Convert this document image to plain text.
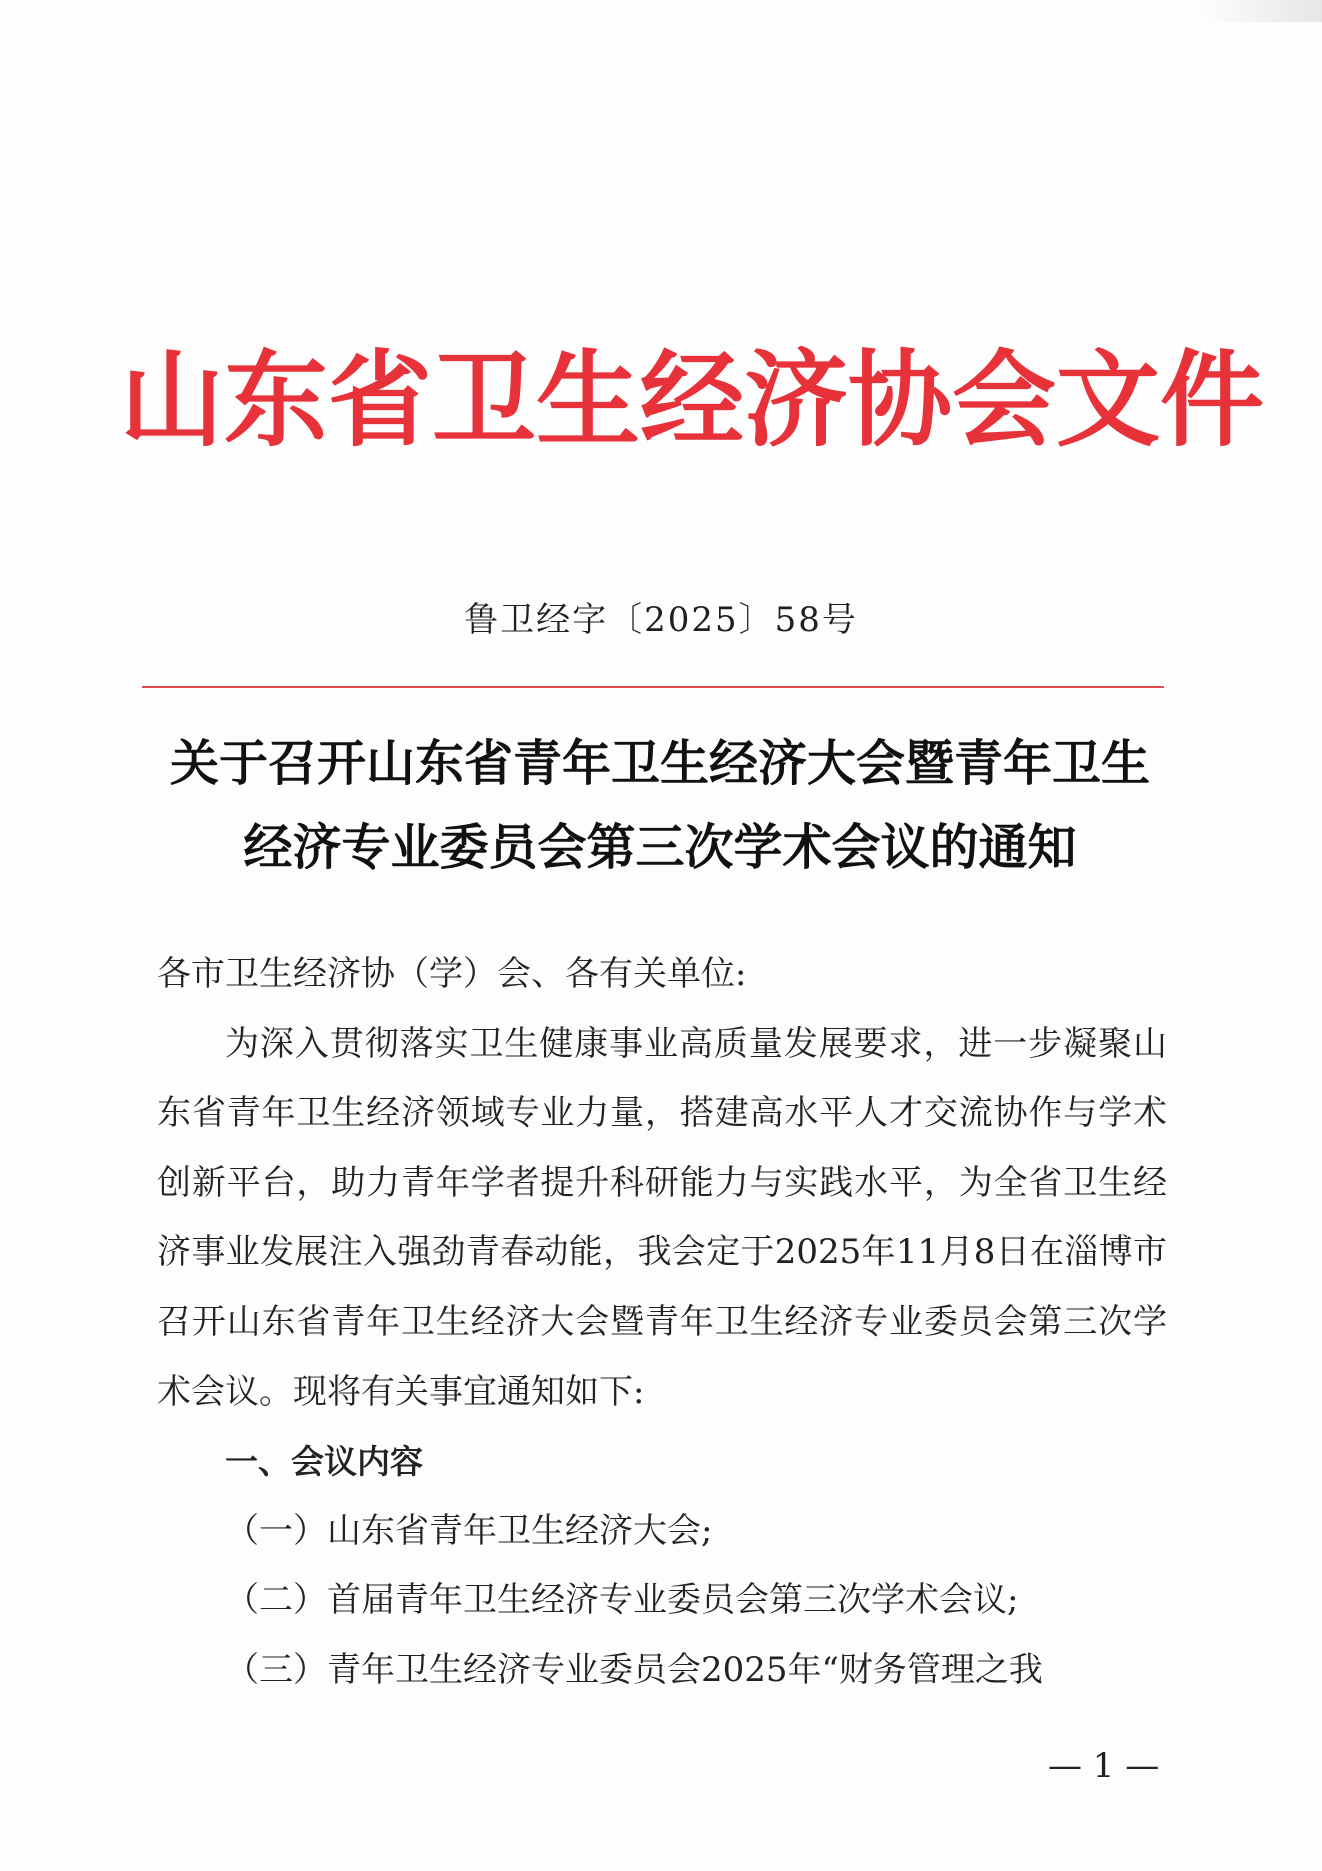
山东省卫生经济协会文件
鲁卫经字〔2025〕58号
关于召开山东省青年卫生经济大会暨青年卫生
经济专业委员会第三次学术会议的通知

各市卫生经济协（学）会、各有关单位:

为深入贯彻落实卫生健康事业高质量发展要求，进一步凝聚山东省青年卫生经济领域专业力量，搭建高水平人才交流协作与学术创新平台，助力青年学者提升科研能力与实践水平，为全省卫生经济事业发展注入强劲青春动能，我会定于2025年11月8日在淄博市召开山东省青年卫生经济大会暨青年卫生经济专业委员会第三次学术会议。现将有关事宜通知如下:

一、会议内容

（一）山东省青年卫生经济大会;

（二）首届青年卫生经济专业委员会第三次学术会议;

（三）青年卫生经济专业委员会2025年“财务管理之我

— 1 —
